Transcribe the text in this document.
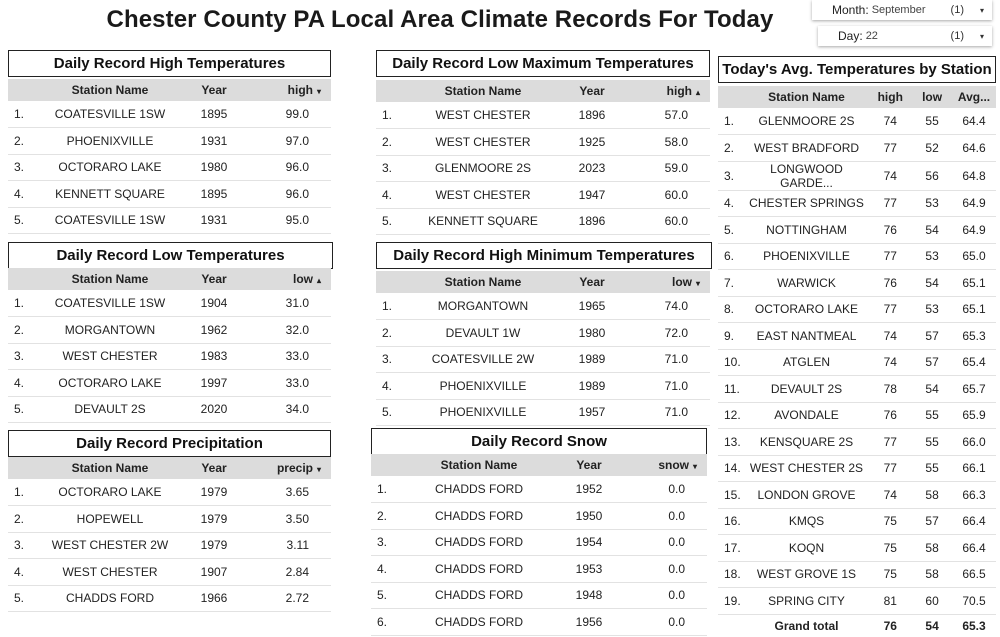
Chester County PA Local Area Climate Records For Today	Month: September (1) ▾
Day: 22	(1) ▾
Daily Record High Temperatures
	Station Name	Year	high ▾
1.	COATESVILLE 1SW	1895	99.0
2.	PHOENIXVILLE	1931	97.0
3.	OCTORARO LAKE	1980	96.0
4.	KENNETT SQUARE	1895	96.0
5.	COATESVILLE 1SW	1931	95.0
Daily Record Low Temperatures
	Station Name	Year	low ▴
1.	COATESVILLE 1SW	1904	31.0
2.	MORGANTOWN	1962	32.0
3.	WEST CHESTER	1983	33.0
4.	OCTORARO LAKE	1997	33.0
5.	DEVAULT 2S	2020	34.0
Daily Record Precipitation
	Station Name	Year	precip ▾
1.	OCTORARO LAKE	1979	3.65
2.	HOPEWELL	1979	3.50
3.	WEST CHESTER 2W	1979	3.11
4.	WEST CHESTER	1907	2.84
5.	CHADDS FORD	1966	2.72
Daily Record Low Maximum Temperatures
	Station Name	Year	high ▴
1.	WEST CHESTER	1896	57.0
2.	WEST CHESTER	1925	58.0
3.	GLENMOORE 2S	2023	59.0
4.	WEST CHESTER	1947	60.0
5.	KENNETT SQUARE	1896	60.0
Daily Record High Minimum Temperatures
	Station Name	Year	low ▾
1.	MORGANTOWN	1965	74.0
2.	DEVAULT 1W	1980	72.0
3.	COATESVILLE 2W	1989	71.0
4.	PHOENIXVILLE	1989	71.0
5.	PHOENIXVILLE	1957	71.0
Daily Record Snow
	Station Name	Year	snow ▾
1.	CHADDS FORD	1952	0.0
2.	CHADDS FORD	1950	0.0
3.	CHADDS FORD	1954	0.0
4.	CHADDS FORD	1953	0.0
5.	CHADDS FORD	1948	0.0
6.	CHADDS FORD	1956	0.0
Today's Avg. Temperatures by Station
	Station Name	high	low	Avg...
1.	GLENMOORE 2S	74	55	64.4
2.	WEST BRADFORD	77	52	64.6
3.	LONGWOOD GARDE...	74	56	64.8
4.	CHESTER SPRINGS	77	53	64.9
5.	NOTTINGHAM	76	54	64.9
6.	PHOENIXVILLE	77	53	65.0
7.	WARWICK	76	54	65.1
8.	OCTORARO LAKE	77	53	65.1
9.	EAST NANTMEAL	74	57	65.3
10.	ATGLEN	74	57	65.4
11.	DEVAULT 2S	78	54	65.7
12.	AVONDALE	76	55	65.9
13.	KENSQUARE 2S	77	55	66.0
14.	WEST CHESTER 2S	77	55	66.1
15.	LONDON GROVE	74	58	66.3
16.	KMQS	75	57	66.4
17.	KOQN	75	58	66.4
18.	WEST GROVE 1S	75	58	66.5
19.	SPRING CITY	81	60	70.5
	Grand total	76	54	65.3
